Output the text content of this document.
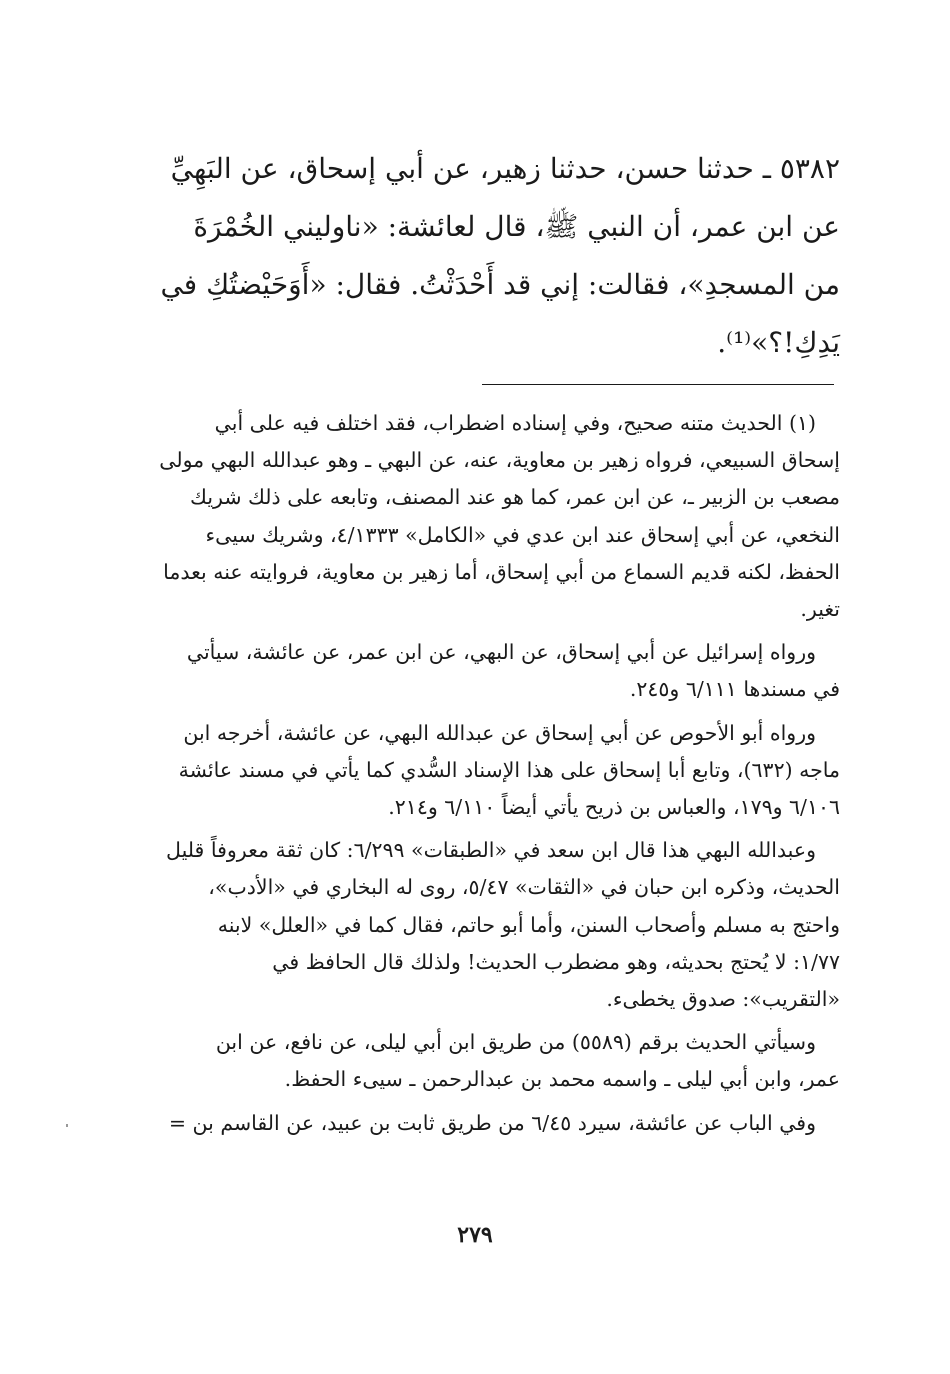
٥٣٨٢ ـ حدثنا حسن، حدثنا زهير، عن أبي إسحاق، عن البَهِيِّ
عن ابن عمر، أن النبي ﷺ، قال لعائشة: «ناوليني الخُمْرَةَ
من المسجدِ»، فقالت: إني قد أَحْدَثْتُ. فقال: «أَوَحَيْضتُكِ في
يَدِكِ!؟»⁽¹⁾.
(١) الحديث متنه صحيح، وفي إسناده اضطراب، فقد اختلف فيه على أبي
إسحاق السبيعي، فرواه زهير بن معاوية، عنه، عن البهي ـ وهو عبدالله البهي مولى
مصعب بن الزبير ـ، عن ابن عمر، كما هو عند المصنف، وتابعه على ذلك شريك
النخعي، عن أبي إسحاق عند ابن عدي في «الكامل» ٤/١٣٣٣، وشريك سيىء
الحفظ، لكنه قديم السماع من أبي إسحاق، أما زهير بن معاوية، فروايته عنه بعدما
تغير.
ورواه إسرائيل عن أبي إسحاق، عن البهي، عن ابن عمر، عن عائشة، سيأتي
في مسندها ٦/١١١ و٢٤٥.
ورواه أبو الأحوص عن أبي إسحاق عن عبدالله البهي، عن عائشة، أخرجه ابن
ماجه (٦٣٢)، وتابع أبا إسحاق على هذا الإسناد السُّدي كما يأتي في مسند عائشة
٦/١٠٦ و١٧٩، والعباس بن ذريح يأتي أيضاً ٦/١١٠ و٢١٤.
وعبدالله البهي هذا قال ابن سعد في «الطبقات» ٦/٢٩٩: كان ثقة معروفاً قليل
الحديث، وذكره ابن حبان في «الثقات» ٥/٤٧، روى له البخاري في «الأدب»،
واحتج به مسلم وأصحاب السنن، وأما أبو حاتم، فقال كما في «العلل» لابنه
١/٧٧: لا يُحتج بحديثه، وهو مضطرب الحديث! ولذلك قال الحافظ في
«التقريب»: صدوق يخطىء.
وسيأتي الحديث برقم (٥٥٨٩) من طريق ابن أبي ليلى، عن نافع، عن ابن
عمر، وابن أبي ليلى ـ واسمه محمد بن عبدالرحمن ـ سيىء الحفظ.
وفي الباب عن عائشة، سيرد ٦/٤٥ من طريق ثابت بن عبيد، عن القاسم بن =
٢٧٩
